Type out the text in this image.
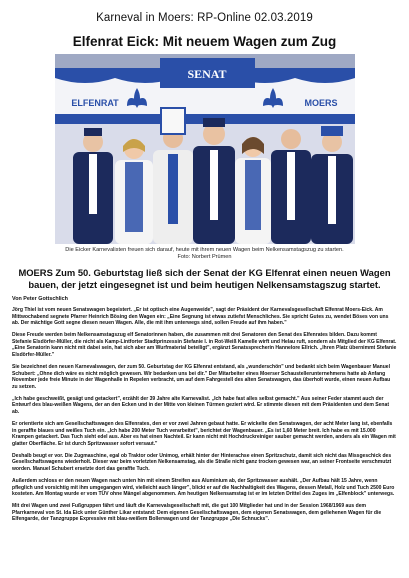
Karneval in Moers: RP-Online 02.03.2019
Elfenrat Eick: Mit neuem Wagen zum Zug
SENAT
ELFENRAT	MOERS
Die Eicker Karnevalisten freuen sich darauf, heute mit ihrem neuen Wagen beim Nelkensamstagszug zu starten.
Foto: Norbert Prümen
MOERS Zum 50. Geburtstag ließ sich der Senat der KG Elfenrat einen neuen Wagen bauen, der jetzt eingesegnet ist und beim heutigen Nelkensamstagszug startet.
Von Peter Gottschlich

Jörg Thiel ist vom neuen Senatswagen begeistert. „Er ist optisch eine Augenweide", sagt der Präsident der Karnevalsgesellschaft Elfenrat Moers-Eick. Am Mittwochabend segnete Pfarrer Heinrich Bösing den Wagen ein: „Eine Segnung ist etwas zutiefst Menschliches. Sie spricht Gutes zu, wendet Böses von uns ab. Der mächtige Gott segne diesen neuen Wagen. Alle, die mit ihm unterwegs sind, sollen Freude auf ihm haben."

Diese Freude werden beim Nelkensamstagszug elf Senatorinnen haben, die zusammen mit drei Senatoren den Senat des Elfenrates bilden. Dazu kommt Stefanie Elsdörfer-Müller, die nicht als Kamp-Lintforter Stadtprinzessin Stefanie I. in Rot-Weiß Kamelle wirft und Helau ruft, sondern als Mitglied der KG Elfenrat. „Eine Senatorin kann nicht mit dabei sein, hat sich aber am Wurfmaterial beteiligt", ergänzt Senatssprecherin Hannelore Ellrich. „Ihren Platz übernimmt Stefanie Elsdörfer-Müller."

Sie bezeichnet den neuen Karnevalswagen, der zum 50. Geburtstag der KG Elfenrat entstand, als „wunderschön" und bedankt sich beim Wagenbauer Manuel Schubert: „Ohne dich wäre es nicht möglich gewesen. Wir bedanken uns bei dir." Der Mitarbeiter eines Moerser Schaustellerunternehmens hatte ab Anfang November jede freie Minute in der Wagenhalle in Repelen verbracht, um auf dem Fahrgestell des alten Senatswagen, das überholt wurde, einen neuen Aufbau zu setzen.

„Ich habe geschweißt, gesägt und getackert", erzählt der 39 Jahre alte Karnevalist. „Ich habe fast alles selbst gemacht." Aus seiner Feder stammt auch der Entwurf des blau-weißen Wagens, der an den Ecken und in der Mitte von kleinen Türmen geziert wird. Er stimmte diesen mit dem Präsidenten und dem Senat ab.

Er orientierte sich am Gesellschaftswagen des Elfenrates, den er vor zwei Jahren gebaut hatte. Er wickelte den Senatswagen, der acht Meter lang ist, ebenfalls in geraffte blaues und weißes Tuch ein. „Ich habe 200 Meter Tuch verarbeitet", berichtet der Wagenbauer. „Es ist 1,60 Meter breit. Ich habe es mit 15.000 Krampen getackert. Das Tuch sieht edel aus. Aber es hat einen Nachteil. Er kann nicht mit Hochdruckreiniger sauber gemacht werden, anders als ein Wagen mit glatter Oberfläche. Er ist durch Spritzwasser sofort versaut."

Deshalb beugt er vor. Die Zugmaschine, egal ob Traktor oder Unimog, erhält hinter der Hinterachse einen Spritzschutz, damit sich nicht das Missgeschick des Gesellschaftswagens wiederholt. Dieser war beim vorletzten Nelkensamstag, als die Straße nicht ganz trocken gewesen war, an seiner Frontseite verschmutzt worden. Manuel Schubert ersetzte dort das geraffte Tuch.

Außerdem schloss er den neuen Wagen nach unten hin mit einem Streifen aus Aluminium ab, der Spritzwasser aushält. „Der Aufbau hält 15 Jahre, wenn pfleglich und vorsichtig mit ihm umgegangen wird, vielleicht auch länger", blickt er auf die Nachhaltigkeit des Wagens, dessen Metall, Holz und Tuch 2500 Euro kosteten. Am Montag wurde er vom TÜV ohne Mängel abgenommen. Am heutigen Nelkensamstag ist er im letzten Drittel des Zuges im „Elfenblock" unterwegs.

Mit drei Wagen und zwei Fußgruppen fährt und läuft die Karnevalsgesellschaft mit, die gut 100 Mitglieder hat und in der Session 1968/1969 aus dem Pfarrkarneval von St. Ida Eick unter Günther Likar entstand: Dem eigenen Gesellschaftswagen, dem eigenen Senatswagen, dem geliehenen Wagen für die Elfengarde, der Tanzgruppe Expressive mit blau-weißem Bollerwagen und der Tanzgruppe „Die Schnucks".
